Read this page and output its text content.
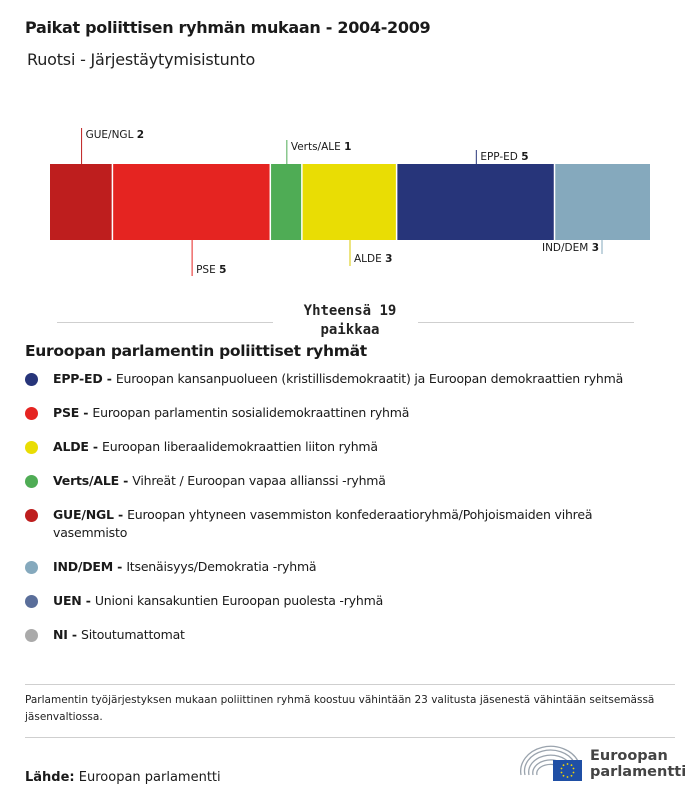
Paikat poliittisen ryhmän mukaan - 2004-2009
Ruotsi - Järjestäytymisistunto
GUE/NGL 2
PSE 5
Verts/ALE 1
ALDE 3
EPP-ED 5
IND/DEM 3
Yhteensä 19
paikkaa
Euroopan parlamentin poliittiset ryhmät
EPP-ED - Euroopan kansanpuolueen (kristillisdemokraatit) ja Euroopan demokraattien ryhmä
PSE - Euroopan parlamentin sosialidemokraattinen ryhmä
ALDE - Euroopan liberaalidemokraattien liiton ryhmä
Verts/ALE - Vihreät / Euroopan vapaa allianssi -ryhmä
GUE/NGL - Euroopan yhtyneen vasemmiston konfederaatioryhmä/Pohjoismaiden vihreä vasemmisto
IND/DEM - Itsenäisyys/Demokratia -ryhmä
UEN - Unioni kansakuntien Euroopan puolesta -ryhmä
NI - Sitoutumattomat
Parlamentin työjärjestyksen mukaan poliittinen ryhmä koostuu vähintään 23 valitusta jäsenestä vähintään seitsemässä jäsenvaltiossa.
Lähde: Euroopan parlamentti
Euroopan
parlamentti
